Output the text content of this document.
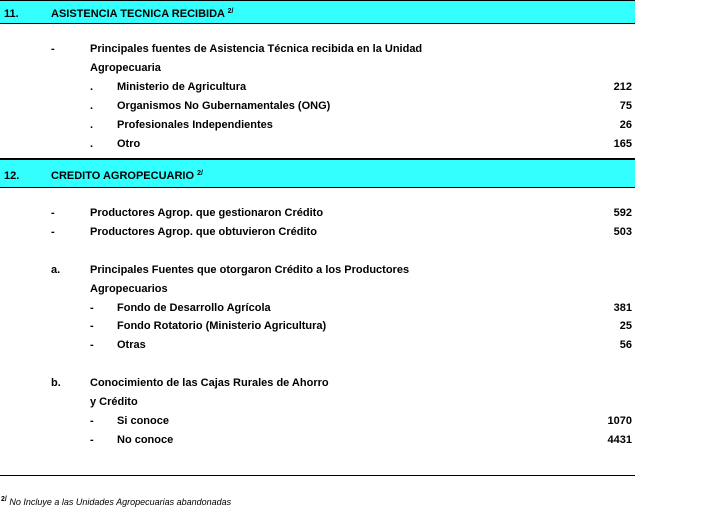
11.	ASISTENCIA TECNICA RECIBIDA $^{2/}$
-	Principales fuentes de Asistencia Técnica recibida en la Unidad
Agropecuaria
. Ministerio de Agricultura	212
. Organismos No Gubernamentales (ONG)	75
. Profesionales Independientes	26
. Otro	165
12.	CREDITO AGROPECUARIO $^{2/}$
-	Productores Agrop. que gestionaron Crédito	592
-	Productores Agrop. que obtuvieron Crédito	503
a.	Principales Fuentes que otorgaron Crédito a los Productores
Agropecuarios
- Fondo de Desarrollo Agrícola	381
- Fondo Rotatorio (Ministerio Agricultura)	25
- Otras	56
b.	Conocimiento de las Cajas Rurales de Ahorro
y Crédito
- Si conoce	1070
- No conoce	4431
$^{2/}$ No Incluye a las Unidades Agropecuarias abandonadas
